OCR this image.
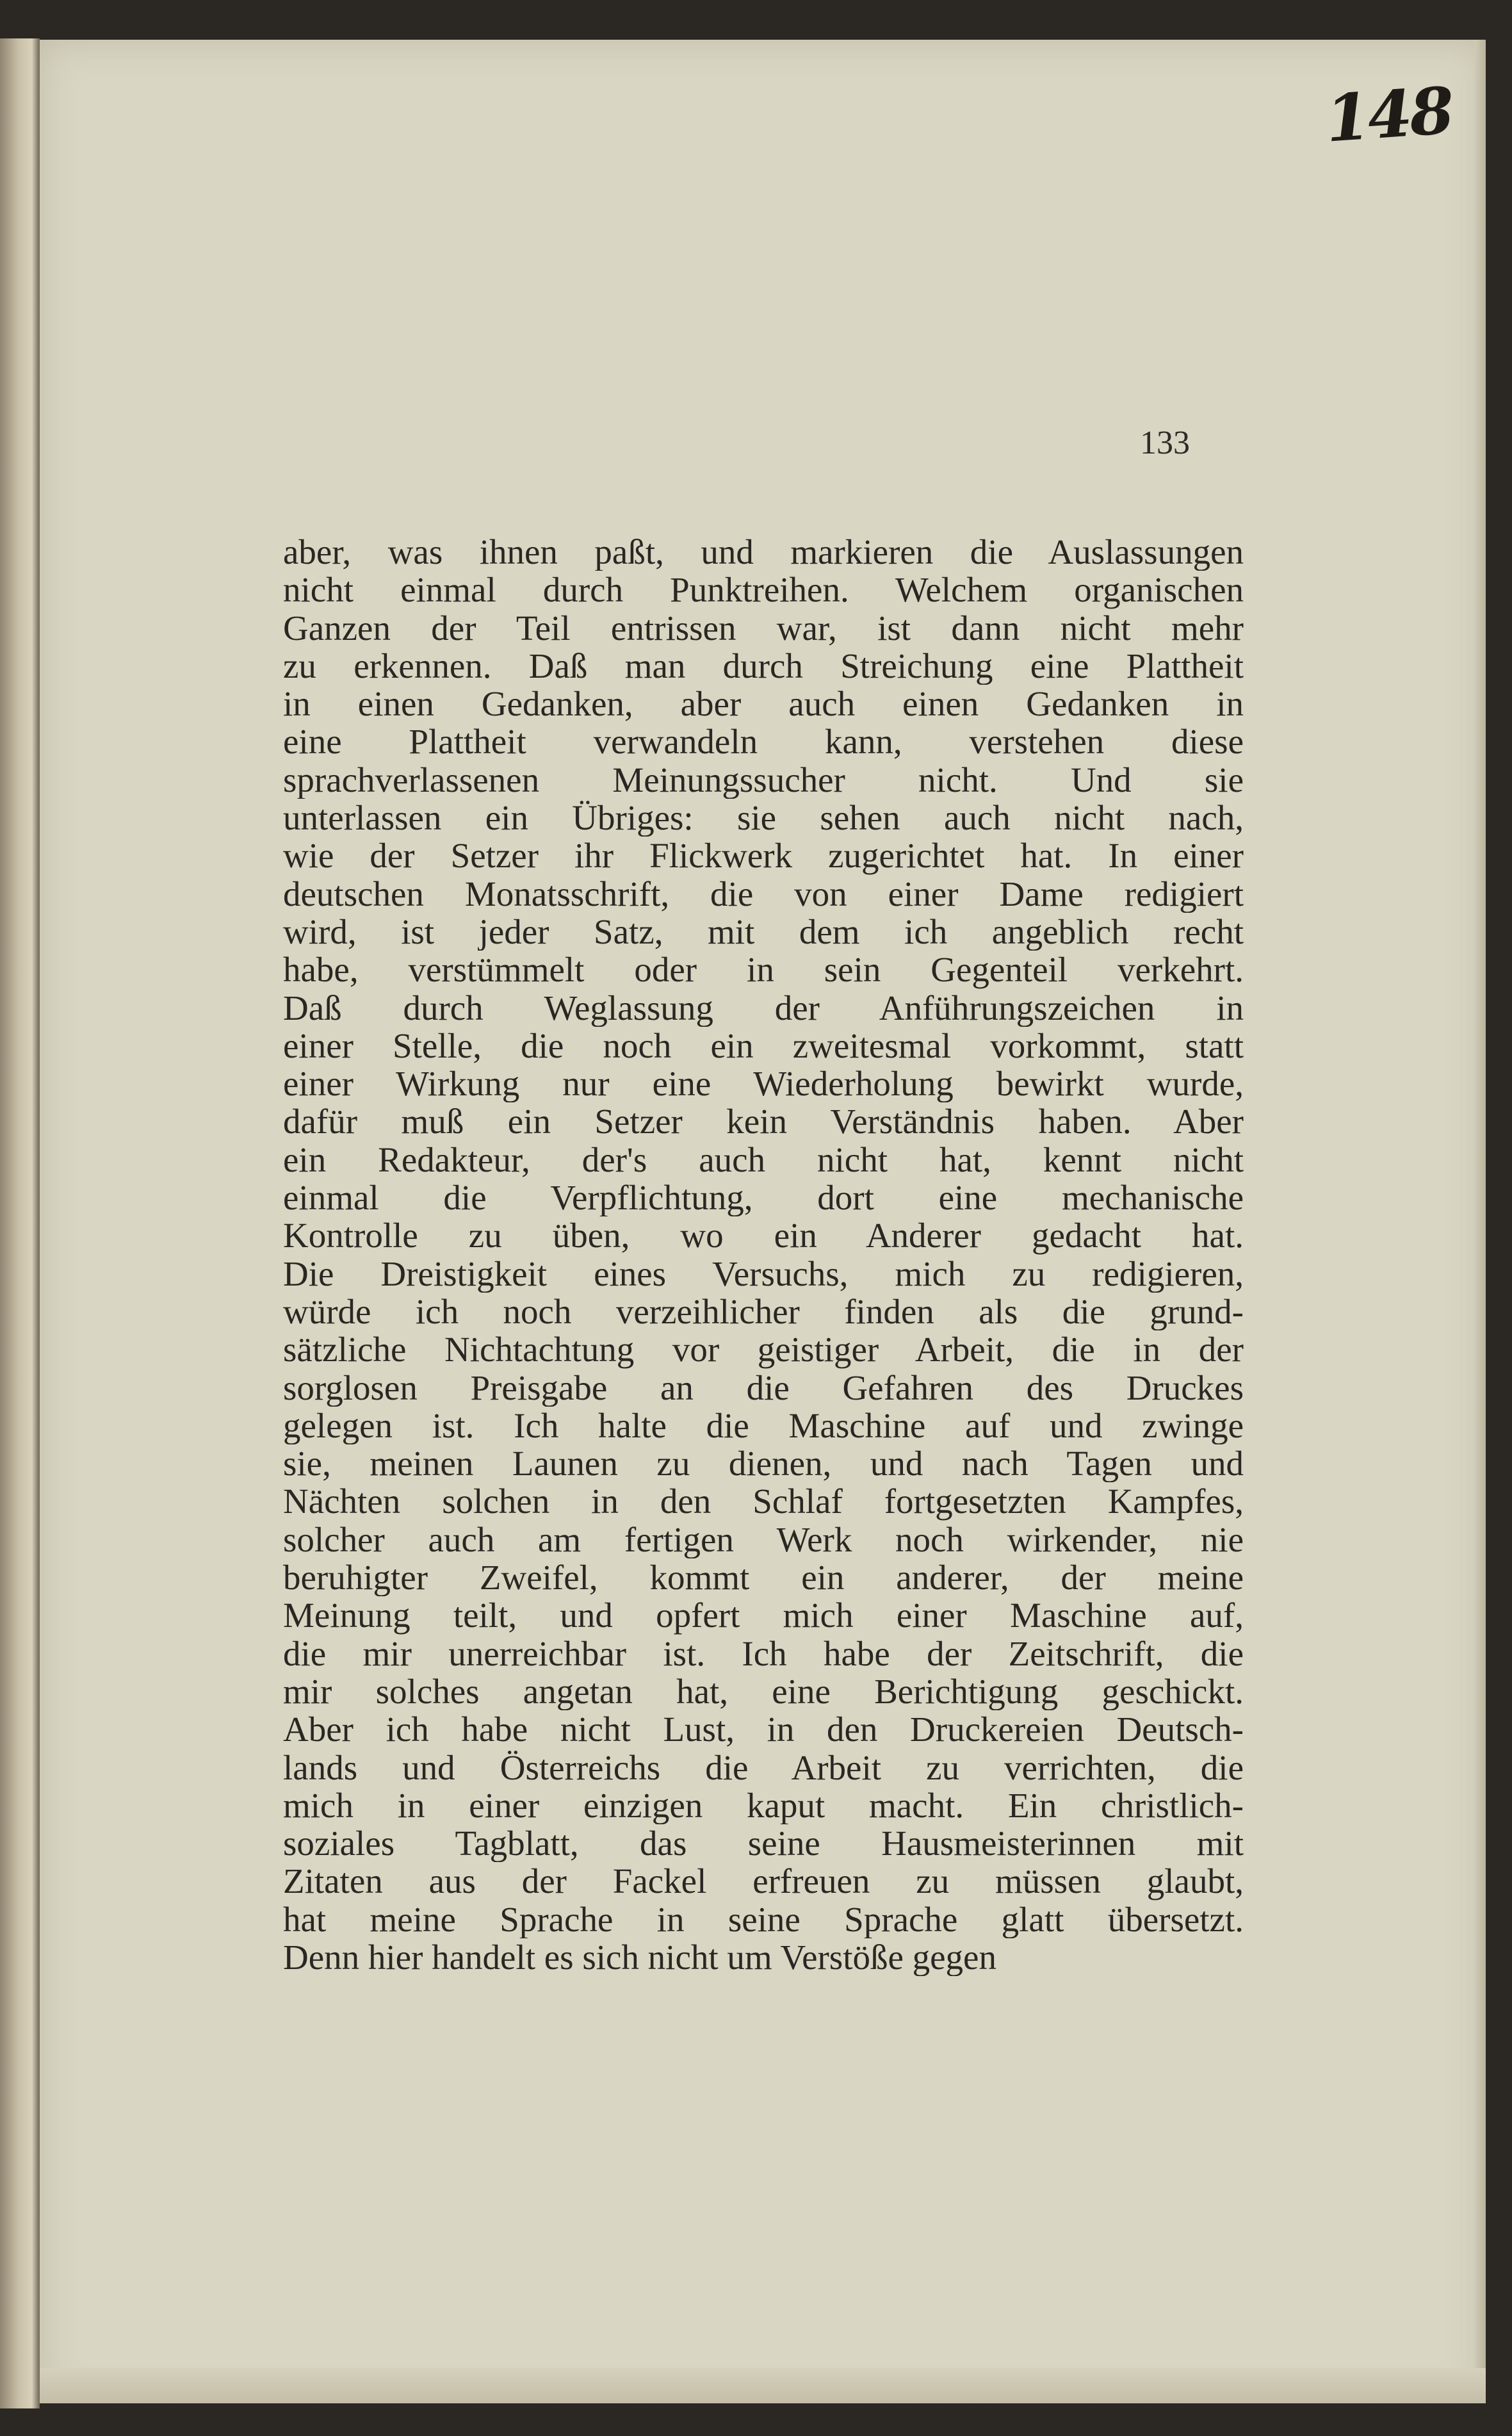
148
133
aber, was ihnen paßt, und markieren die Auslassungen
nicht einmal durch Punktreihen. Welchem organischen
Ganzen der Teil entrissen war, ist dann nicht mehr
zu erkennen. Daß man durch Streichung eine Plattheit
in einen Gedanken, aber auch einen Gedanken in
eine Plattheit verwandeln kann, verstehen diese
sprachverlassenen Meinungssucher nicht. Und sie
unterlassen ein Übriges: sie sehen auch nicht nach,
wie der Setzer ihr Flickwerk zugerichtet hat. In einer
deutschen Monatsschrift, die von einer Dame redigiert
wird, ist jeder Satz, mit dem ich angeblich recht
habe, verstümmelt oder in sein Gegenteil verkehrt.
Daß durch Weglassung der Anführungszeichen in
einer Stelle, die noch ein zweitesmal vorkommt, statt
einer Wirkung nur eine Wiederholung bewirkt wurde,
dafür muß ein Setzer kein Verständnis haben. Aber
ein Redakteur, der's auch nicht hat, kennt nicht
einmal die Verpflichtung, dort eine mechanische
Kontrolle zu üben, wo ein Anderer gedacht hat.
Die Dreistigkeit eines Versuchs, mich zu redigieren,
würde ich noch verzeihlicher finden als die grund-
sätzliche Nichtachtung vor geistiger Arbeit, die in der
sorglosen Preisgabe an die Gefahren des Druckes
gelegen ist. Ich halte die Maschine auf und zwinge
sie, meinen Launen zu dienen, und nach Tagen und
Nächten solchen in den Schlaf fortgesetzten Kampfes,
solcher auch am fertigen Werk noch wirkender, nie
beruhigter Zweifel, kommt ein anderer, der meine
Meinung teilt, und opfert mich einer Maschine auf,
die mir unerreichbar ist. Ich habe der Zeitschrift, die
mir solches angetan hat, eine Berichtigung geschickt.
Aber ich habe nicht Lust, in den Druckereien Deutsch-
lands und Österreichs die Arbeit zu verrichten, die
mich in einer einzigen kaput macht. Ein christlich-
soziales Tagblatt, das seine Hausmeisterinnen mit
Zitaten aus der Fackel erfreuen zu müssen glaubt,
hat meine Sprache in seine Sprache glatt übersetzt.
Denn hier handelt es sich nicht um Verstöße gegen
